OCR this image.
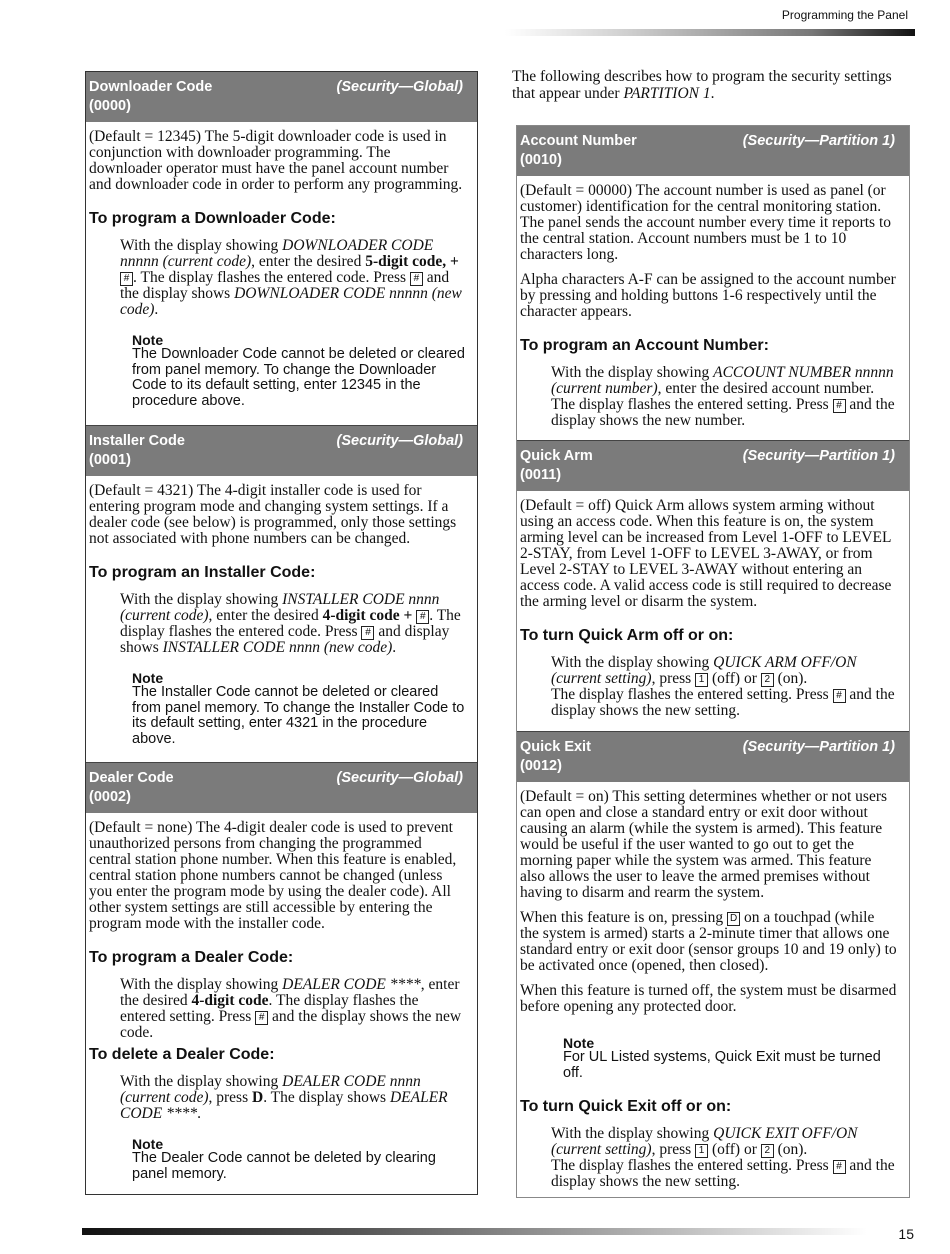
Programming the Panel
15
The following describes how to program the security settings that appear under PARTITION 1.
Downloader Code	(Security—Global)

(0000)

(Default = 12345) The 5-digit downloader code is used in conjunction with downloader programming. The downloader operator must have the panel account number and downloader code in order to perform any programming.

To program a Downloader Code:
With the display showing DOWNLOADER CODE nnnnn (current code), enter the desired 5-digit code, + # . The display flashes the entered code. Press # and the display shows DOWNLOADER CODE nnnnn (new code).
Note
The Downloader Code cannot be deleted or cleared from panel memory. To change the Downloader Code to its default setting, enter 12345 in the procedure above.
Installer Code	(Security—Global)

(0001)

(Default = 4321) The 4-digit installer code is used for entering program mode and changing system settings. If a dealer code (see below) is programmed, only those settings not associated with phone numbers can be changed.

To program an Installer Code:
With the display showing INSTALLER CODE nnnn (current code), enter the desired 4-digit code + # . The display flashes the entered code. Press # and display shows INSTALLER CODE nnnn (new code).
Note
The Installer Code cannot be deleted or cleared from panel memory. To change the Installer Code to its default setting, enter 4321 in the procedure above.
Dealer Code	(Security—Global)

(0002)

(Default = none) The 4-digit dealer code is used to prevent unauthorized persons from changing the programmed central station phone number. When this feature is enabled, central station phone numbers cannot be changed (unless you enter the program mode by using the dealer code). All other system settings are still accessible by entering the program mode with the installer code.

To program a Dealer Code:
With the display showing DEALER CODE ****, enter the desired 4-digit code. The display flashes the entered setting. Press # and the display shows the new code.
To delete a Dealer Code:
With the display showing DEALER CODE nnnn (current code), press D. The display shows DEALER CODE ****.
Note
The Dealer Code cannot be deleted by clearing panel memory.
Account Number	(Security—Partition 1)

(0010)

(Default = 00000) The account number is used as panel (or customer) identification for the central monitoring station. The panel sends the account number every time it reports to the central station. Account numbers must be 1 to 10 characters long.

Alpha characters A-F can be assigned to the account number by pressing and holding buttons 1-6 respectively until the character appears.

To program an Account Number:
With the display showing ACCOUNT NUMBER nnnnn (current number), enter the desired account number. The display flashes the entered setting. Press # and the display shows the new number.
Quick Arm	(Security—Partition 1)

(0011)

(Default = off) Quick Arm allows system arming without using an access code. When this feature is on, the system arming level can be increased from Level 1-OFF to LEVEL 2-STAY, from Level 1-OFF to LEVEL 3-AWAY, or from Level 2-STAY to LEVEL 3-AWAY without entering an access code. A valid access code is still required to decrease the arming level or disarm the system.

To turn Quick Arm off or on:
With the display showing QUICK ARM OFF/ON (current setting), press 1 (off) or 2 (on).
The display flashes the entered setting. Press # and the display shows the new setting.
Quick Exit	(Security—Partition 1)

(0012)

(Default = on) This setting determines whether or not users can open and close a standard entry or exit door without causing an alarm (while the system is armed). This feature would be useful if the user wanted to go out to get the morning paper while the system was armed. This feature also allows the user to leave the armed premises without having to disarm and rearm the system.

When this feature is on, pressing D on a touchpad (while the system is armed) starts a 2-minute timer that allows one standard entry or exit door (sensor groups 10 and 19 only) to be activated once (opened, then closed).

When this feature is turned off, the system must be disarmed before opening any protected door.

Note
For UL Listed systems, Quick Exit must be turned off.
To turn Quick Exit off or on:
With the display showing QUICK EXIT OFF/ON (current setting), press 1 (off) or 2 (on).
The display flashes the entered setting. Press # and the display shows the new setting.
